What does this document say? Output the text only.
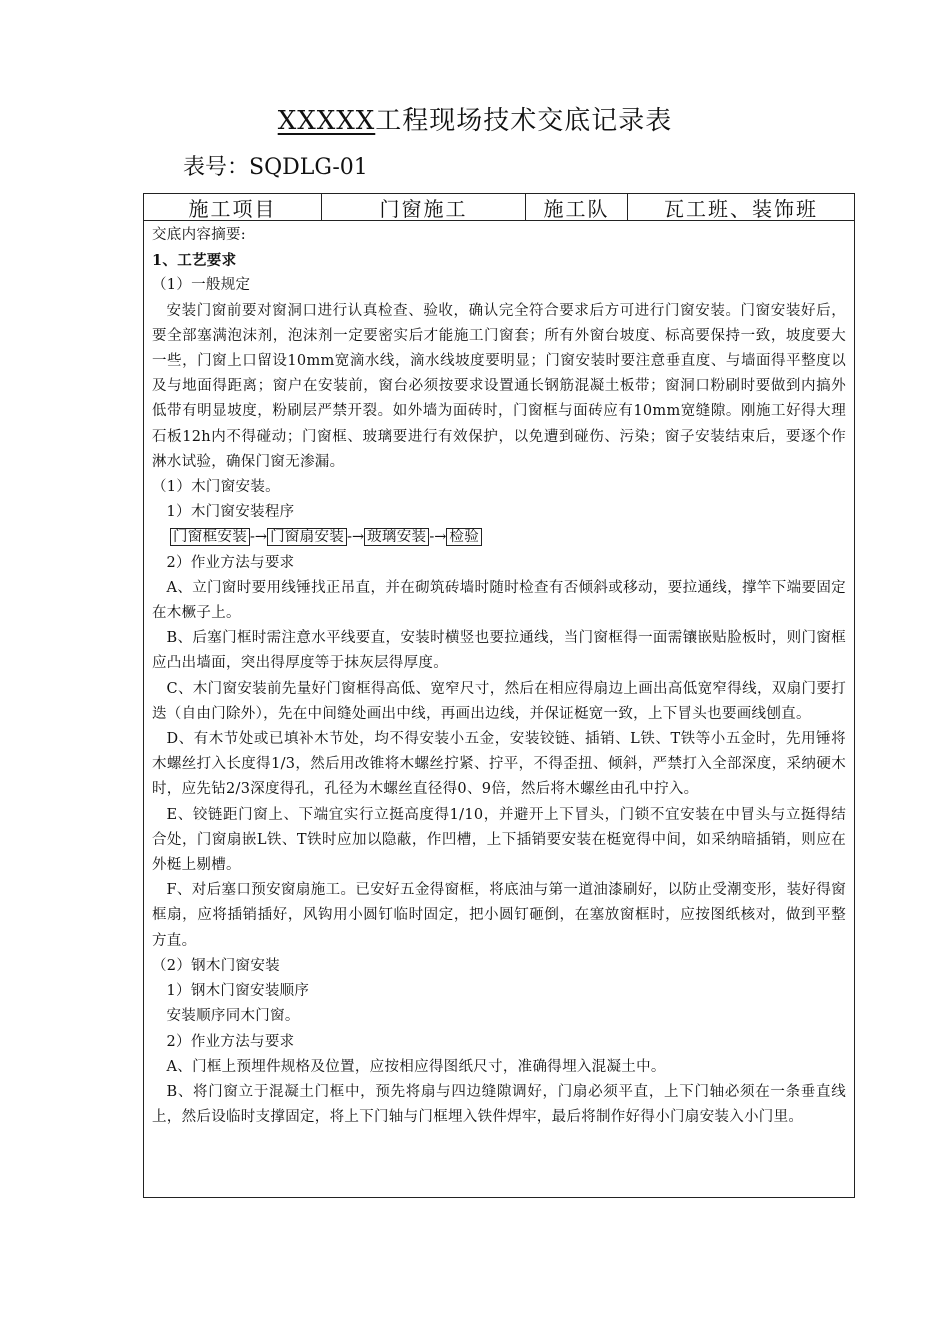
XXXXX工程现场技术交底记录表
表号：SQDLG-01
施工项目	门窗施工	施工队	瓦工班、装饰班

交底内容摘要:

1、工艺要求

（1）一般规定

安装门窗前要对窗洞口进行认真检查、验收，确认完全符合要求后方可进行门窗安装。门窗安装好后，要全部塞满泡沫剂，泡沫剂一定要密实后才能施工门窗套；所有外窗台坡度、标高要保持一致，坡度要大一些，门窗上口留设10mm宽滴水线，滴水线坡度要明显；门窗安装时要注意垂直度、与墙面得平整度以及与地面得距离；窗户在安装前，窗台必须按要求设置通长钢筋混凝土板带；窗洞口粉刷时要做到内搞外低带有明显坡度，粉刷层严禁开裂。如外墙为面砖时，门窗框与面砖应有10mm宽缝隙。刚施工好得大理石板12h内不得碰动；门窗框、玻璃要进行有效保护，以免遭到碰伤、污染；窗子安装结束后，要逐个作淋水试验，确保门窗无渗漏。

（1）木门窗安装。

1）木门窗安装程序

门窗框安装 -→ 门窗扇安装 -→ 玻璃安装 -→ 检验

2）作业方法与要求

A、立门窗时要用线锤找正吊直，并在砌筑砖墙时随时检查有否倾斜或移动，要拉通线，撑竿下端要固定在木橛子上。

B、后塞门框时需注意水平线要直，安装时横竖也要拉通线，当门窗框得一面需镶嵌贴脸板时，则门窗框应凸出墙面，突出得厚度等于抹灰层得厚度。

C、木门窗安装前先量好门窗框得高低、宽窄尺寸，然后在相应得扇边上画出高低宽窄得线，双扇门要打迭（自由门除外），先在中间缝处画出中线，再画出边线，并保证梃宽一致，上下冒头也要画线刨直。

D、有木节处或已填补木节处，均不得安装小五金，安装铰链、插销、L铁、T铁等小五金时，先用锤将木螺丝打入长度得1/3，然后用改锥将木螺丝拧紧、拧平，不得歪扭、倾斜，严禁打入全部深度，采纳硬木时，应先钻2/3深度得孔，孔径为木螺丝直径得0、9倍，然后将木螺丝由孔中拧入。

E、铰链距门窗上、下端宜实行立挺高度得1/10，并避开上下冒头，门锁不宜安装在中冒头与立挺得结合处，门窗扇嵌L铁、T铁时应加以隐蔽，作凹槽，上下插销要安装在梃宽得中间，如采纳暗插销，则应在外梃上剔槽。

F、对后塞口预安窗扇施工。已安好五金得窗框，将底油与第一道油漆刷好，以防止受潮变形，装好得窗框扇，应将插销插好，风钩用小圆钉临时固定，把小圆钉砸倒，在塞放窗框时，应按图纸核对，做到平整方直。

（2）钢木门窗安装

1）钢木门窗安装顺序

安装顺序同木门窗。

2）作业方法与要求

A、门框上预埋件规格及位置，应按相应得图纸尺寸，准确得埋入混凝土中。

B、将门窗立于混凝土门框中，预先将扇与四边缝隙调好，门扇必须平直，上下门轴必须在一条垂直线上，然后设临时支撑固定，将上下门轴与门框埋入铁件焊牢，最后将制作好得小门扇安装入小门里。
